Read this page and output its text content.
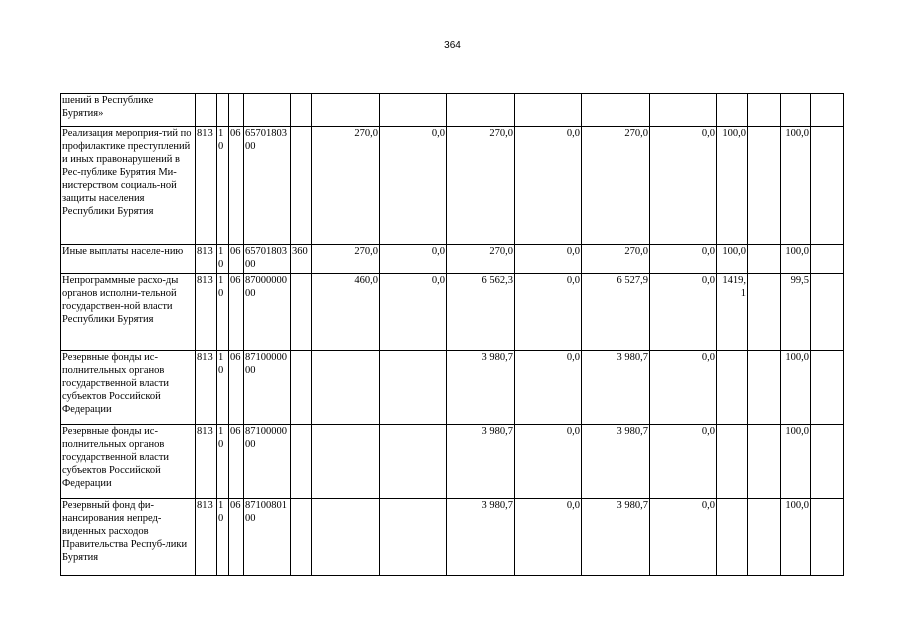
364
шений в Республике Бурятия»															
Реализация мероприя-тий по профилактике преступлений и иных правонарушений в Рес-публике Бурятия Ми-нистерством социаль-ной защиты населения Республики Бурятия	813	10	06	6570180300		270,0	0,0	270,0	0,0	270,0	0,0	100,0		100,0	
Иные выплаты населе-нию	813	10	06	6570180300	360	270,0	0,0	270,0	0,0	270,0	0,0	100,0		100,0	
Непрограммные расхо-ды органов исполни-тельной государствен-ной власти Республики Бурятия	813	10	06	8700000000		460,0	0,0	6 562,3	0,0	6 527,9	0,0	1419,1		99,5	
Резервные фонды ис-полнительных органов государственной власти субъектов Российской Федерации	813	10	06	8710000000				3 980,7	0,0	3 980,7	0,0			100,0	
Резервные фонды ис-полнительных органов государственной власти субъектов Российской Федерации	813	10	06	8710000000				3 980,7	0,0	3 980,7	0,0			100,0	
Резервный фонд фи-нансирования непред-виденных расходов Правительства Респуб-лики Бурятия	813	10	06	8710080100				3 980,7	0,0	3 980,7	0,0			100,0	
